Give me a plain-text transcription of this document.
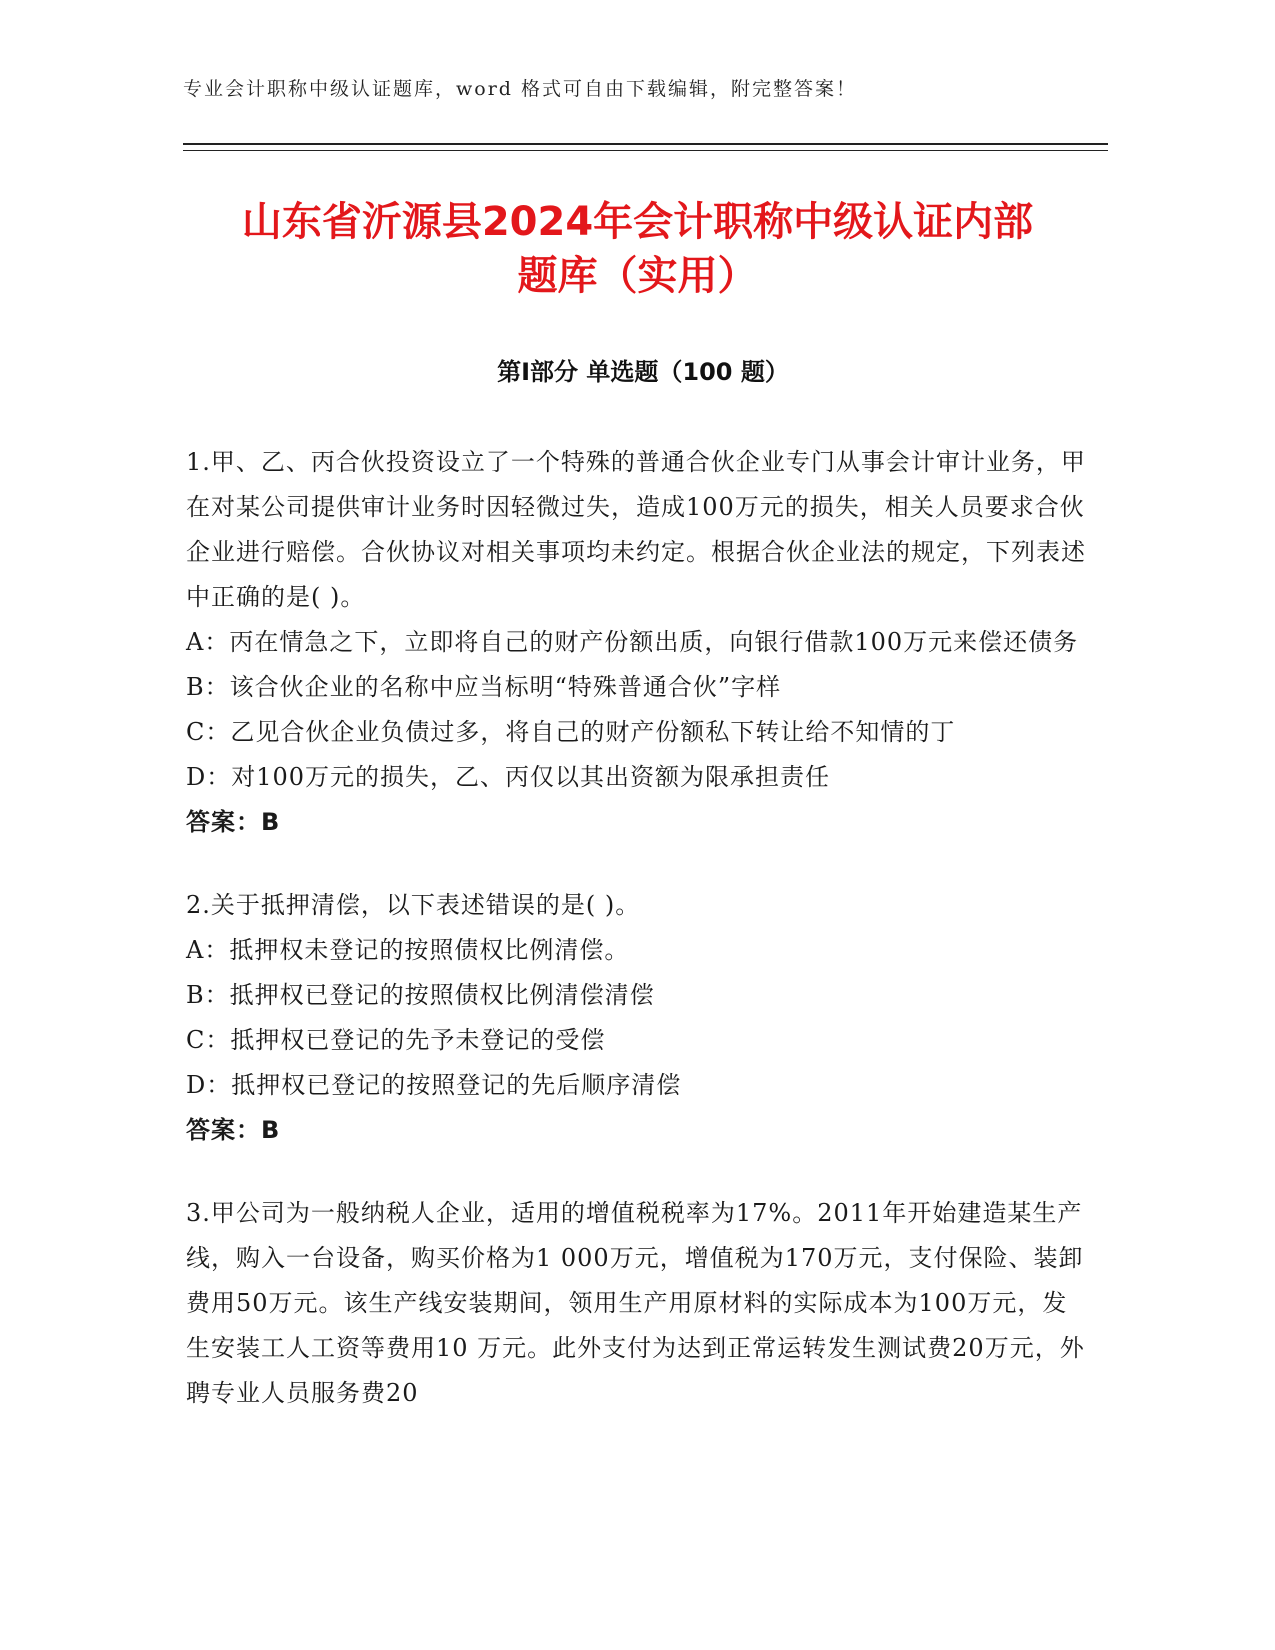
专业会计职称中级认证题库，word 格式可自由下载编辑，附完整答案！
山东省沂源县2024年会计职称中级认证内部
题库（实用）
第Ⅰ部分 单选题（100 题）

1.甲、乙、丙合伙投资设立了一个特殊的普通合伙企业专门从事会计审计业务，甲在对某公司提供审计业务时因轻微过失，造成100万元的损失，相关人员要求合伙企业进行赔偿。合伙协议对相关事项均未约定。根据合伙企业法的规定，下列表述中正确的是( )。

A：丙在情急之下，立即将自己的财产份额出质，向银行借款100万元来偿还债务

B：该合伙企业的名称中应当标明“特殊普通合伙”字样

C：乙见合伙企业负债过多，将自己的财产份额私下转让给不知情的丁

D：对100万元的损失，乙、丙仅以其出资额为限承担责任

答案：B

2.关于抵押清偿，以下表述错误的是( )。

A：抵押权未登记的按照债权比例清偿。

B：抵押权已登记的按照债权比例清偿清偿

C：抵押权已登记的先予未登记的受偿

D：抵押权已登记的按照登记的先后顺序清偿

答案：B

3.甲公司为一般纳税人企业，适用的增值税税率为17%。2011年开始建造某生产线，购入一台设备，购买价格为1 000万元，增值税为170万元，支付保险、装卸费用50万元。该生产线安装期间，领用生产用原材料的实际成本为100万元，发生安装工人工资等费用10 万元。此外支付为达到正常运转发生测试费20万元，外聘专业人员服务费20
